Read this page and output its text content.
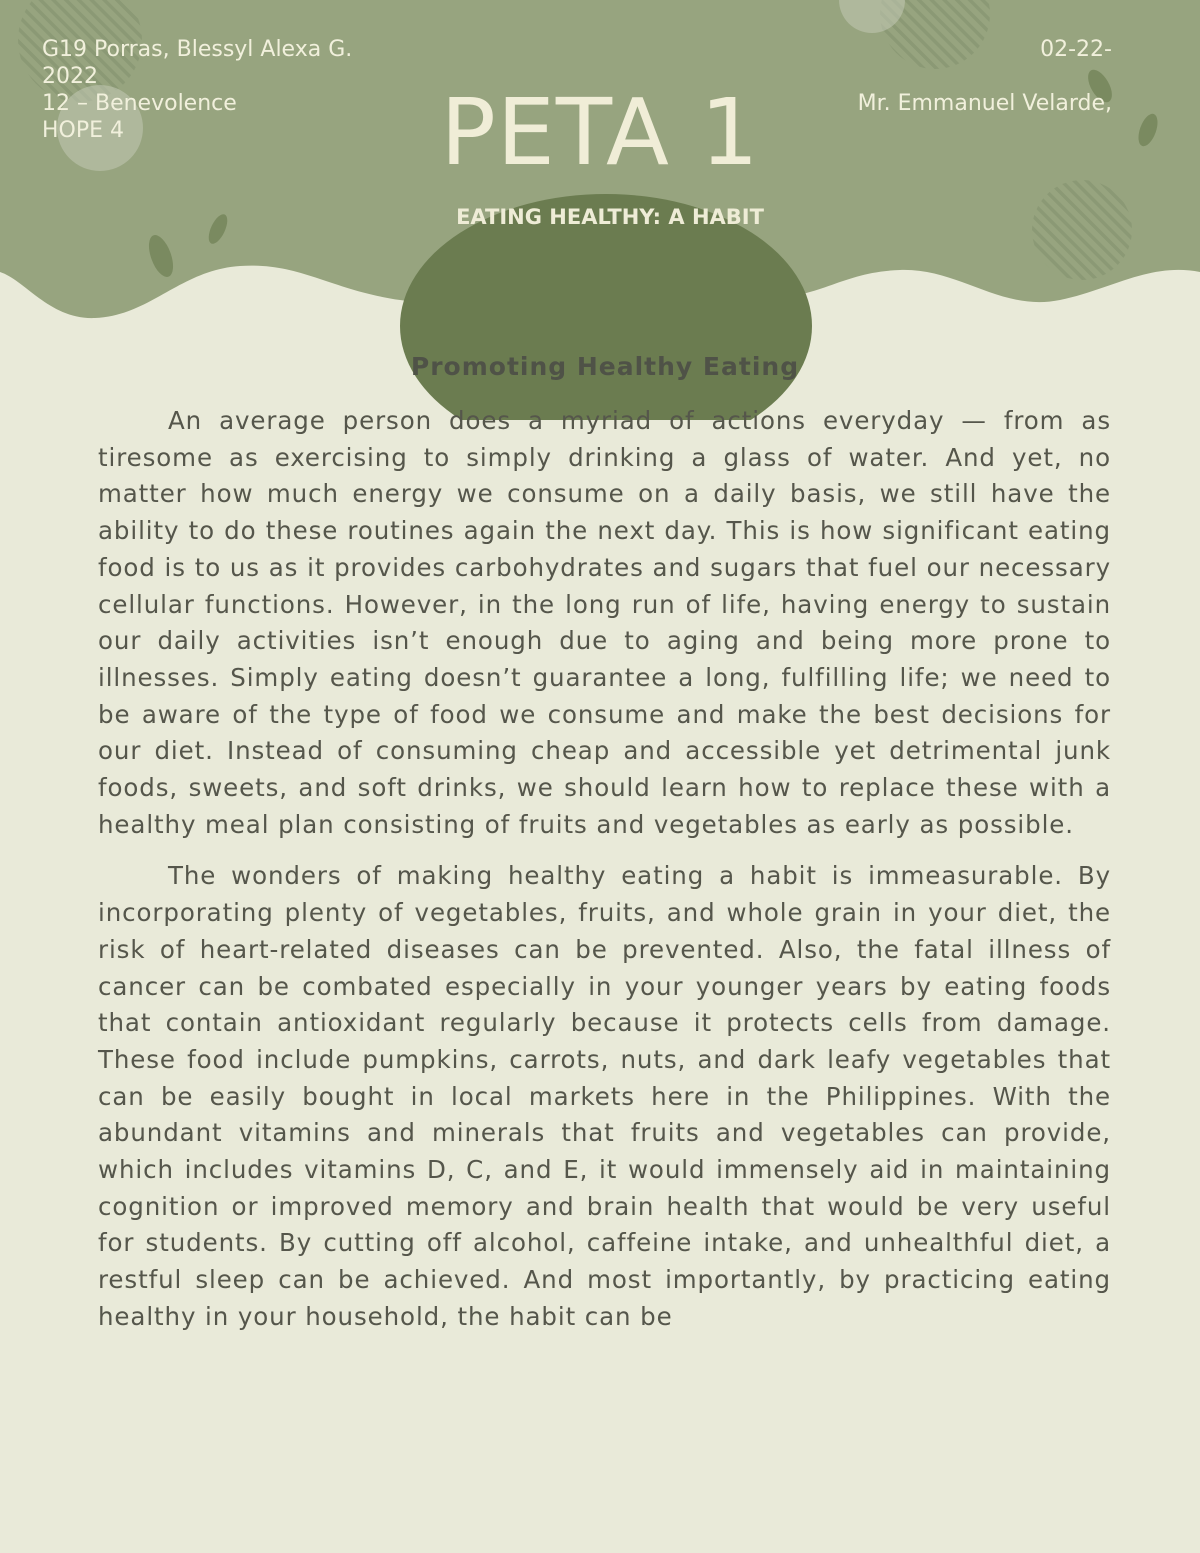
G19 Porras, Blessyl Alexa G.
2022
12 – Benevolence
HOPE 4
02-22-
Mr. Emmanuel Velarde,
PETA 1
EATING HEALTHY: A HABIT
Promoting Healthy Eating

An average person does a myriad of actions everyday — from as tiresome as exercising to simply drinking a glass of water. And yet, no matter how much energy we consume on a daily basis, we still have the ability to do these routines again the next day. This is how significant eating food is to us as it provides carbohydrates and sugars that fuel our necessary cellular functions. However, in the long run of life, having energy to sustain our daily activities isn’t enough due to aging and being more prone to illnesses. Simply eating doesn’t guarantee a long, fulfilling life; we need to be aware of the type of food we consume and make the best decisions for our diet. Instead of consuming cheap and accessible yet detrimental junk foods, sweets, and soft drinks, we should learn how to replace these with a healthy meal plan consisting of fruits and vegetables as early as possible.

The wonders of making healthy eating a habit is immeasurable. By incorporating plenty of vegetables, fruits, and whole grain in your diet, the risk of heart-related diseases can be prevented. Also, the fatal illness of cancer can be combated especially in your younger years by eating foods that contain antioxidant regularly because it protects cells from damage. These food include pumpkins, carrots, nuts, and dark leafy vegetables that can be easily bought in local markets here in the Philippines. With the abundant vitamins and minerals that fruits and vegetables can provide, which includes vitamins D, C, and E, it would immensely aid in maintaining cognition or improved memory and brain health that would be very useful for students. By cutting off alcohol, caffeine intake, and unhealthful diet, a restful sleep can be achieved. And most importantly, by practicing eating healthy in your household, the habit can be
